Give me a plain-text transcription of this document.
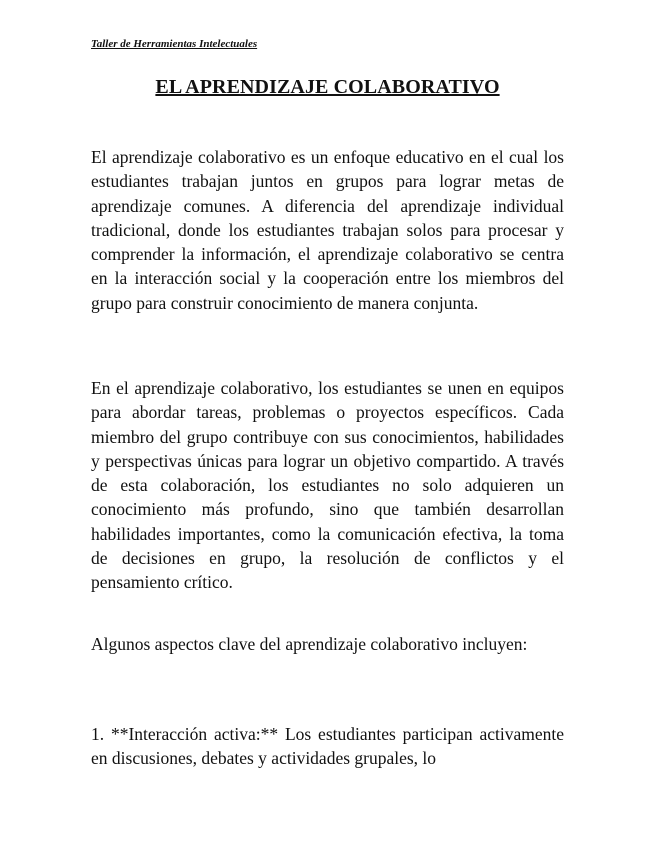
Taller de Herramientas Intelectuales
EL APRENDIZAJE COLABORATIVO

El aprendizaje colaborativo es un enfoque educativo en el cual los estudiantes trabajan juntos en grupos para lograr metas de aprendizaje comunes. A diferencia del aprendizaje individual tradicional, donde los estudiantes trabajan solos para procesar y comprender la información, el aprendizaje colaborativo se centra en la interacción social y la cooperación entre los miembros del grupo para construir conocimiento de manera conjunta.

En el aprendizaje colaborativo, los estudiantes se unen en equipos para abordar tareas, problemas o proyectos específicos. Cada miembro del grupo contribuye con sus conocimientos, habilidades y perspectivas únicas para lograr un objetivo compartido. A través de esta colaboración, los estudiantes no solo adquieren un conocimiento más profundo, sino que también desarrollan habilidades importantes, como la comunicación efectiva, la toma de decisiones en grupo, la resolución de conflictos y el pensamiento crítico.

Algunos aspectos clave del aprendizaje colaborativo incluyen:

1. **Interacción activa:** Los estudiantes participan activamente en discusiones, debates y actividades grupales, lo
